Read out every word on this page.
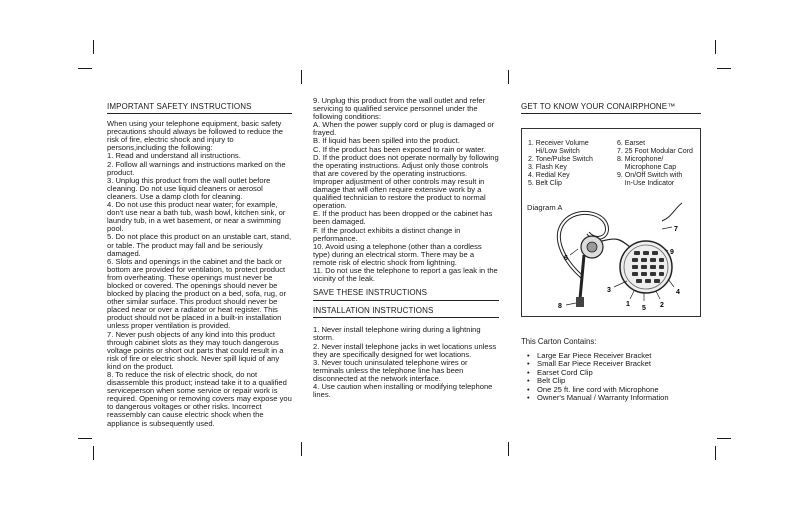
IMPORTANT SAFETY INSTRUCTIONS

When using your telephone equipment, basic safety precautions should always be followed to reduce the risk of fire, electric shock and injury to persons,including the following:

1. Read and understand all instructions.

2. Follow all warnings and instructions marked on the product.

3. Unplug this product from the wall outlet before cleaning. Do not use liquid cleaners or aerosol cleaners. Use a damp cloth for cleaning.

4. Do not use this product near water; for example, don't use near a bath tub, wash bowl, kitchen sink, or laundry tub, in a wet basement, or near a swimming pool.

5. Do not place this product on an unstable cart, stand, or table. The product may fall and be seriously damaged.

6. Slots and openings in the cabinet and the back or bottom are provided for ventilation, to protect product from overheating. These openings must never be blocked or covered. The openings should never be blocked by placing the product on a bed, sofa, rug, or other similar surface. This product should never be placed near or over a radiator or heat register. This product should not be placed in a built-in installation unless proper ventilation is provided.

7. Never push objects of any kind into this product through cabinet slots as they may touch dangerous voltage points or short out parts that could result in a risk of fire or electric shock. Never spill liquid of any kind on the product.

8. To reduce the risk of electric shock, do not disassemble this product; instead take it to a qualified serviceperson when some service or repair work is required. Opening or removing covers may expose you to dangerous voltages or other risks. Incorrect reassembly can cause electric shock when the appliance is subsequently used.

9. Unplug this product from the wall outlet and refer servicing to qualified service personnel under the following conditions:

A. When the power supply cord or plug is damaged or frayed.

B. If liquid has been spilled into the product.

C. If the product has been exposed to rain or water.

D. If the product does not operate normally by following the operating instructions. Adjust only those controls that are covered by the operating instructions. Improper adjustment of other controls may result in damage that will often require extensive work by a qualified technician to restore the product to normal operation.

E. If the product has been dropped or the cabinet has been damaged.

F. If the product exhibits a distinct change in performance.

10. Avoid using a telephone (other than a cordless type) during an electrical storm. There may be a remote risk of electric shock from lightning.

11. Do not use the telephone to report a gas leak in the vicinity of the leak.

SAVE THESE INSTRUCTIONS
INSTALLATION INSTRUCTIONS

1. Never install telephone wiring during a lightning storm.

2. Never install telephone jacks in wet locations unless they are specifically designed for wet locations.

3. Never touch uninsulated telephone wires or terminals unless the telephone line has been disconnected at the network interface.

4. Use caution when installing or modifying telephone lines.

GET TO KNOW YOUR CONAIRPHONE™
1. Receiver Volume
Hi/Low Switch
2. Tone/Pulse Switch
3. Flash Key
4. Redial Key
5. Belt Clip
6. Earset
7. 25 Foot Modular Cord
8. Microphone/
Microphone Cap
9. On/Off Switch with
In-Use Indicator
Diagram A
7
9
6
4
3
1
5 2
8
This Carton Contains:
• Large Ear Piece Receiver Bracket
• Small Ear Piece Receiver Bracket
• Earset Cord Clip
• Belt Clip
• One 25 ft. line cord with Microphone
• Owner's Manual / Warranty Information
